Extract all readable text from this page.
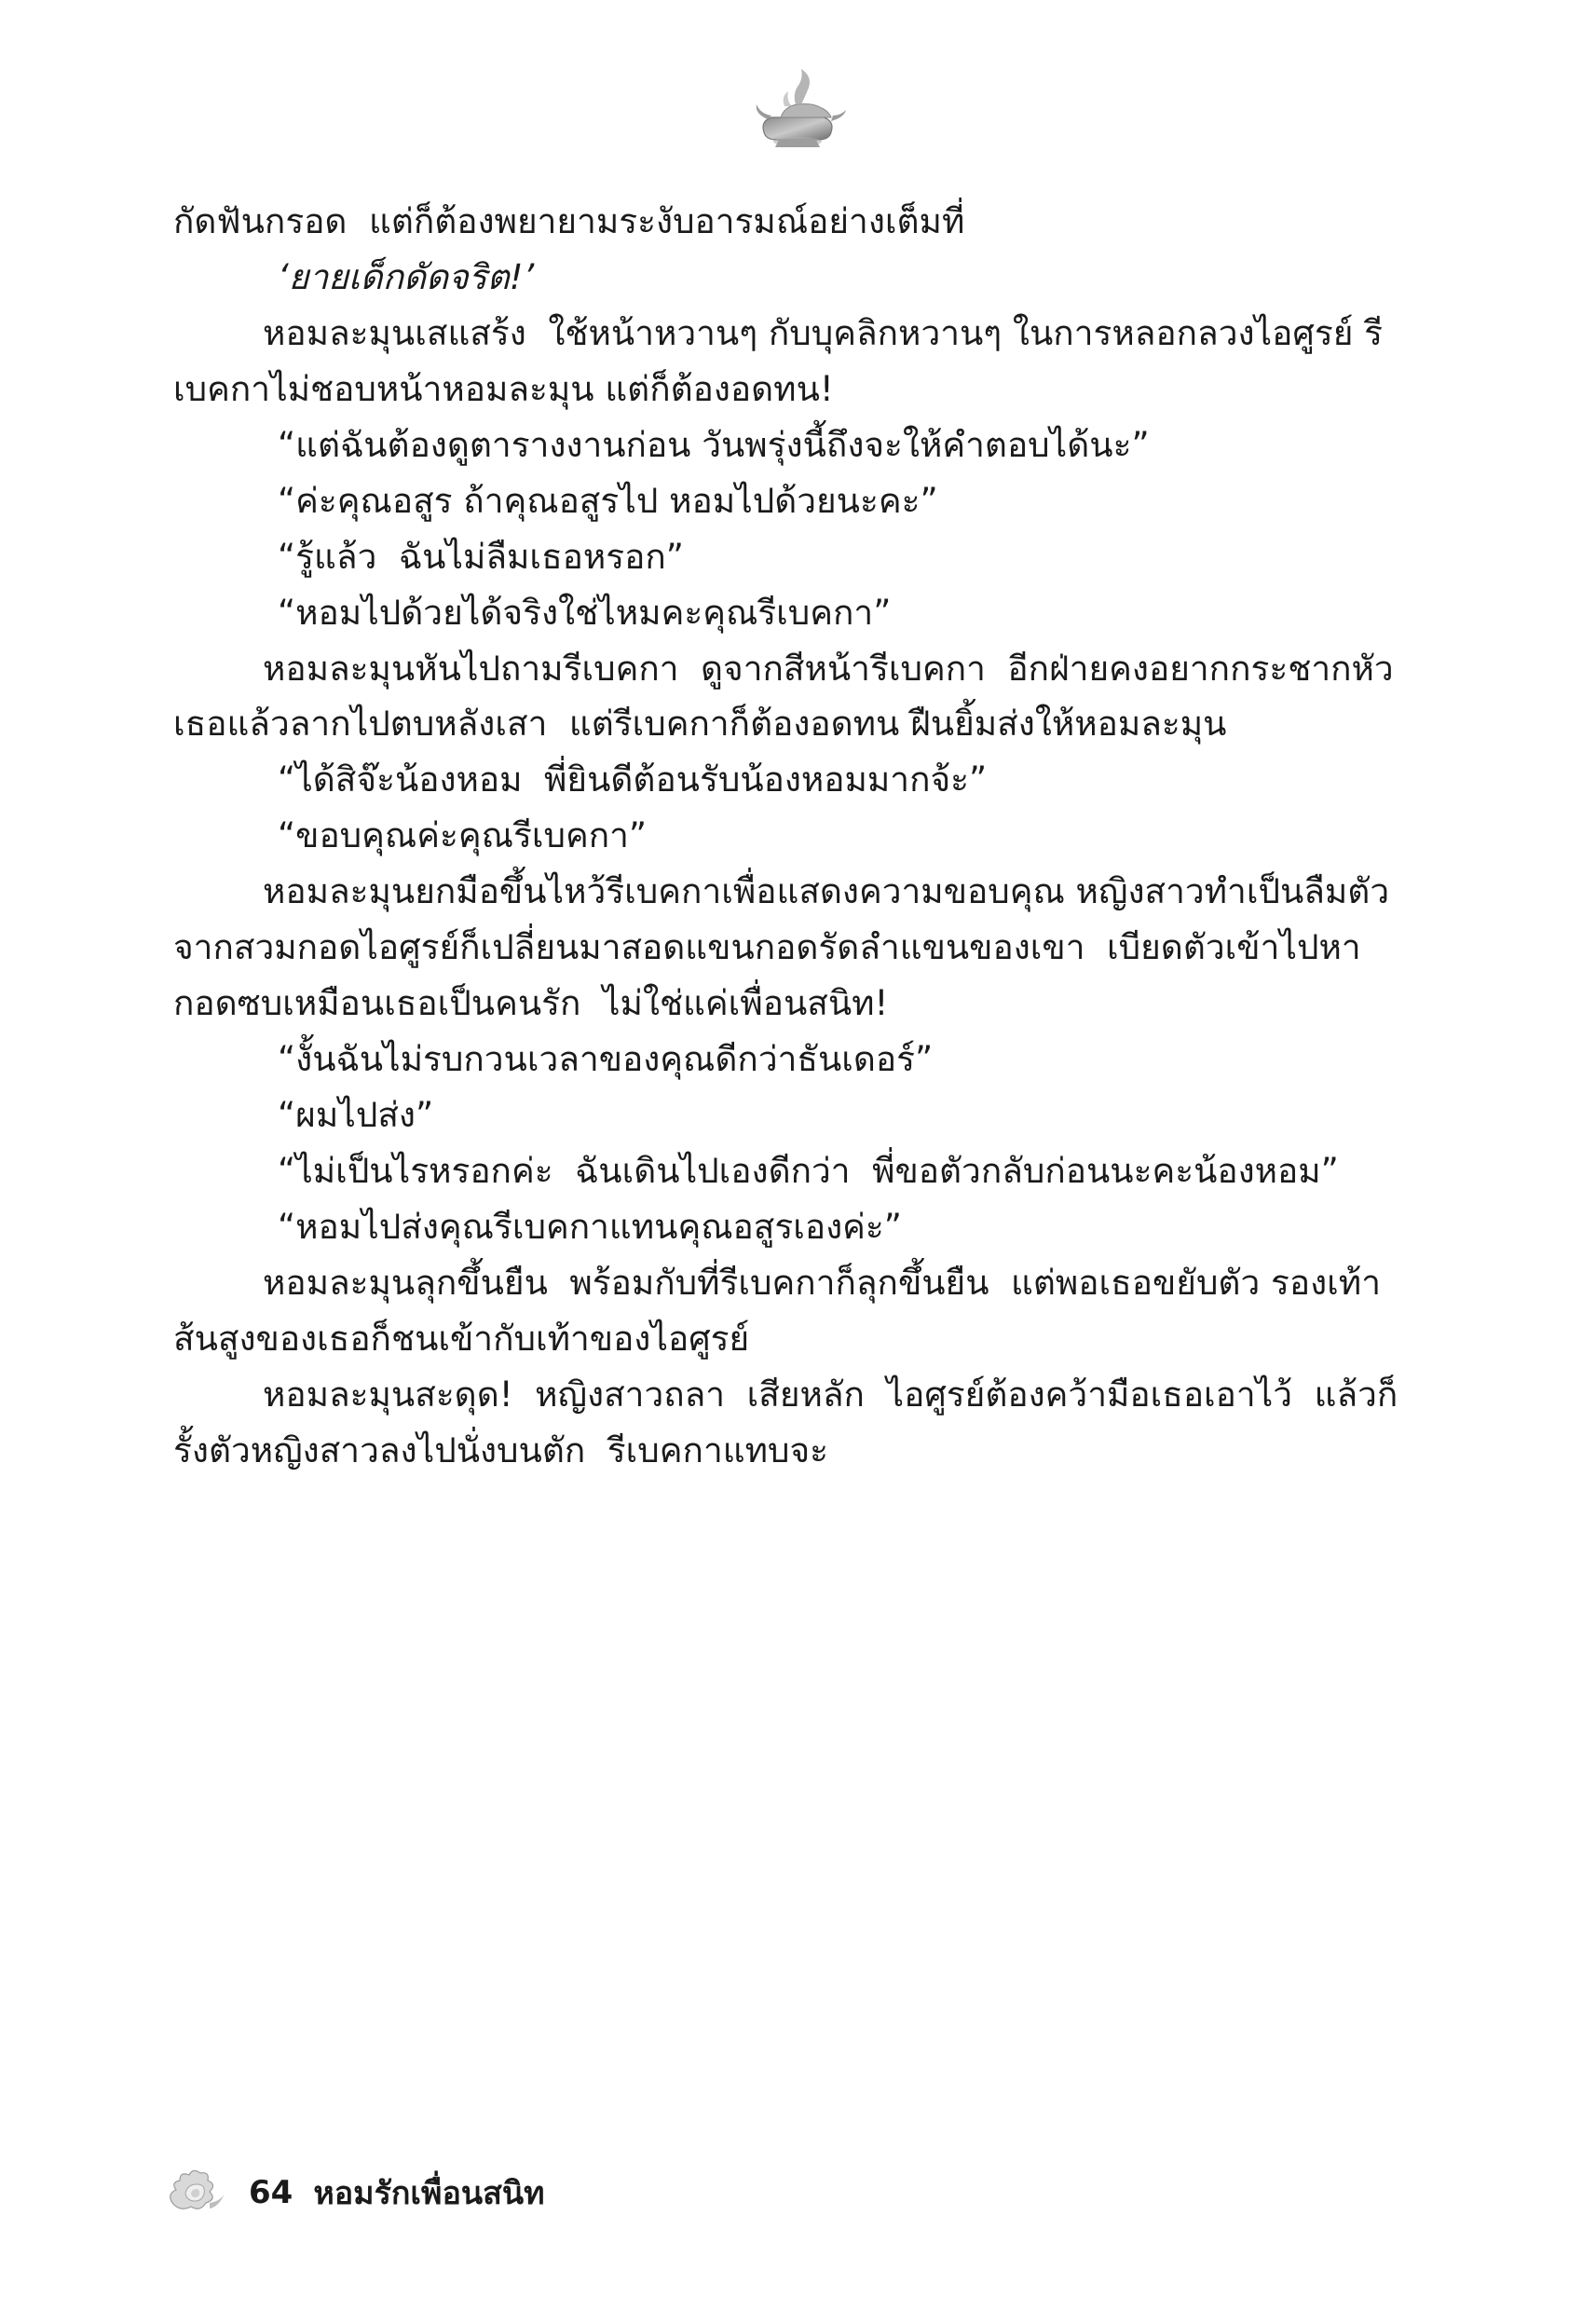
กัดฟันกรอด  แต่ก็ต้องพยายามระงับอารมณ์อย่างเต็มที่

‘ยายเด็กดัดจริต!’

หอมละมุนเสแสร้ง  ใช้หน้าหวานๆ กับบุคลิกหวานๆ ในการหลอกลวงไอศูรย์ รีเบคกาไม่ชอบหน้าหอมละมุน แต่ก็ต้องอดทน!

“แต่ฉันต้องดูตารางงานก่อน วันพรุ่งนี้ถึงจะให้คำตอบได้นะ”

“ค่ะคุณอสูร ถ้าคุณอสูรไป หอมไปด้วยนะคะ”

“รู้แล้ว  ฉันไม่ลืมเธอหรอก”

“หอมไปด้วยได้จริงใช่ไหมคะคุณรีเบคกา”

หอมละมุนหันไปถามรีเบคกา  ดูจากสีหน้ารีเบคกา  อีกฝ่ายคงอยากกระชากหัวเธอแล้วลากไปตบหลังเสา  แต่รีเบคกาก็ต้องอดทน ฝืนยิ้มส่งให้หอมละมุน

“ได้สิจ๊ะน้องหอม  พี่ยินดีต้อนรับน้องหอมมากจ้ะ”

“ขอบคุณค่ะคุณรีเบคกา”

หอมละมุนยกมือขึ้นไหว้รีเบคกาเพื่อแสดงความขอบคุณ หญิงสาวทำเป็นลืมตัว  จากสวมกอดไอศูรย์ก็เปลี่ยนมาสอดแขนกอดรัดลำแขนของเขา  เบียดตัวเข้าไปหา  กอดซบเหมือนเธอเป็นคนรัก  ไม่ใช่แค่เพื่อนสนิท!

“งั้นฉันไม่รบกวนเวลาของคุณดีกว่าธันเดอร์”

“ผมไปส่ง”

“ไม่เป็นไรหรอกค่ะ  ฉันเดินไปเองดีกว่า  พี่ขอตัวกลับก่อนนะคะน้องหอม”

“หอมไปส่งคุณรีเบคกาแทนคุณอสูรเองค่ะ”

หอมละมุนลุกขึ้นยืน  พร้อมกับที่รีเบคกาก็ลุกขึ้นยืน  แต่พอเธอขยับตัว รองเท้าส้นสูงของเธอก็ชนเข้ากับเท้าของไอศูรย์

หอมละมุนสะดุด!  หญิงสาวถลา  เสียหลัก  ไอศูรย์ต้องคว้ามือเธอเอาไว้  แล้วก็รั้งตัวหญิงสาวลงไปนั่งบนตัก  รีเบคกาแทบจะ

64 หอมรักเพื่อนสนิท
